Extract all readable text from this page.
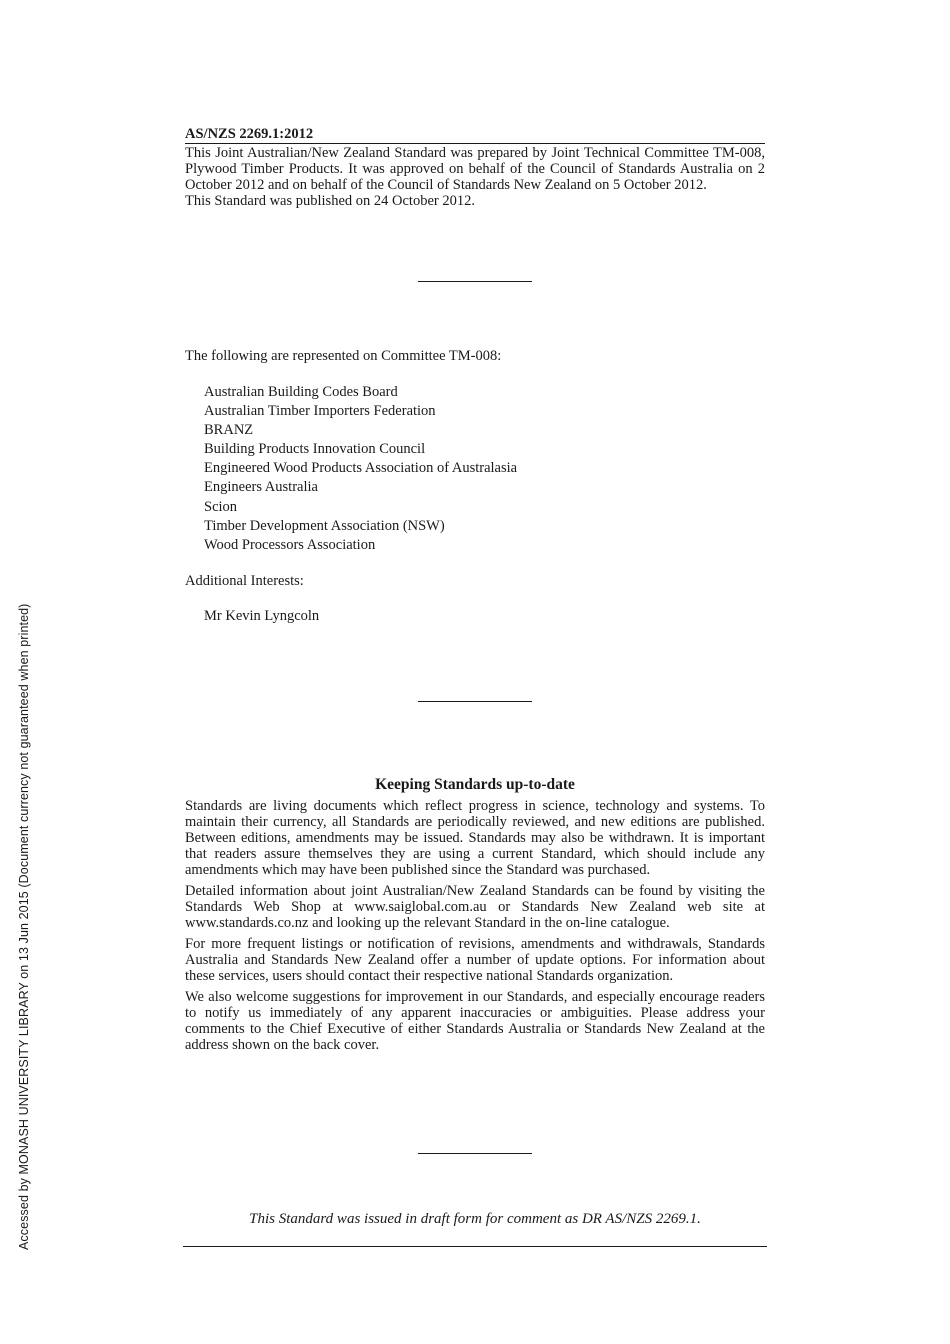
Accessed by MONASH UNIVERSITY LIBRARY on 13 Jun 2015 (Document currency not guaranteed when printed)
AS/NZS 2269.1:2012

This Joint Australian/New Zealand Standard was prepared by Joint Technical Committee TM-008, Plywood Timber Products. It was approved on behalf of the Council of Standards Australia on 2 October 2012 and on behalf of the Council of Standards New Zealand on 5 October 2012.

This Standard was published on 24 October 2012.

The following are represented on Committee TM-008:
Australian Building Codes Board
Australian Timber Importers Federation
BRANZ
Building Products Innovation Council
Engineered Wood Products Association of Australasia
Engineers Australia
Scion
Timber Development Association (NSW)
Wood Processors Association
Additional Interests:
Mr Kevin Lyngcoln
Keeping Standards up-to-date

Standards are living documents which reflect progress in science, technology and systems. To maintain their currency, all Standards are periodically reviewed, and new editions are published. Between editions, amendments may be issued. Standards may also be withdrawn. It is important that readers assure themselves they are using a current Standard, which should include any amendments which may have been published since the Standard was purchased.

Detailed information about joint Australian/New Zealand Standards can be found by visiting the Standards Web Shop at www.saiglobal.com.au or Standards New Zealand web site at www.standards.co.nz and looking up the relevant Standard in the on-line catalogue.

For more frequent listings or notification of revisions, amendments and withdrawals, Standards Australia and Standards New Zealand offer a number of update options. For information about these services, users should contact their respective national Standards organization.

We also welcome suggestions for improvement in our Standards, and especially encourage readers to notify us immediately of any apparent inaccuracies or ambiguities. Please address your comments to the Chief Executive of either Standards Australia or Standards New Zealand at the address shown on the back cover.

This Standard was issued in draft form for comment as DR AS/NZS 2269.1.
